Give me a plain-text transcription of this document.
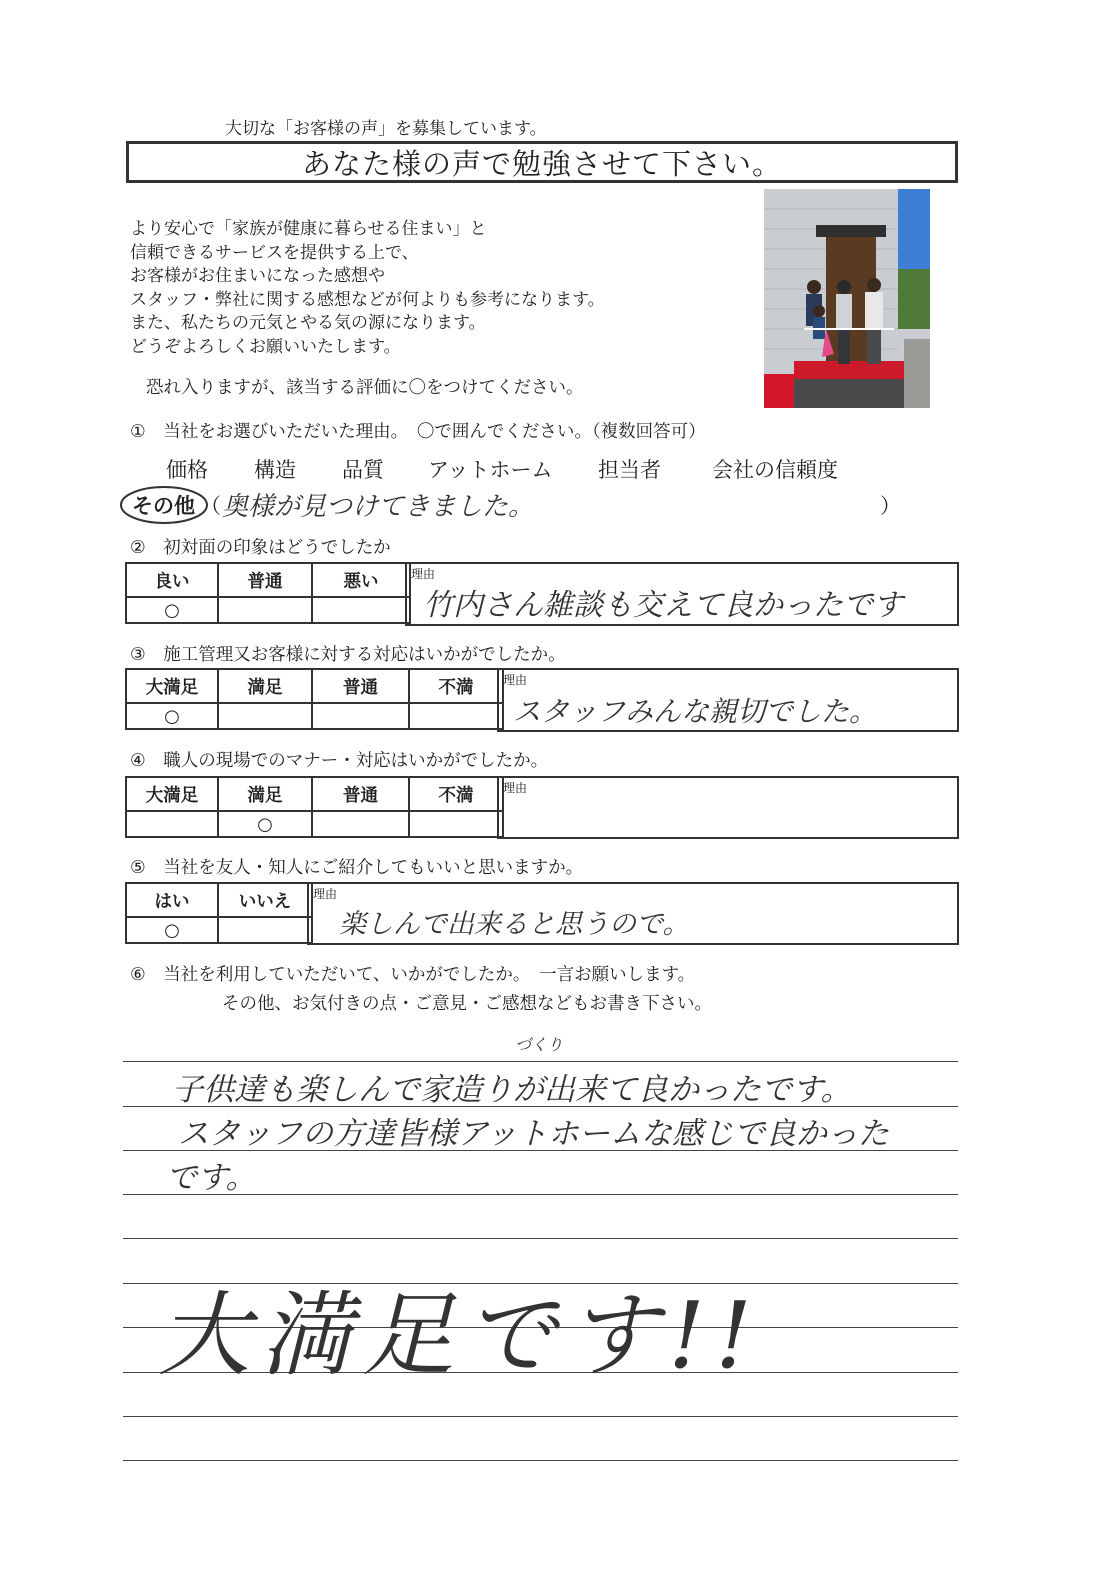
大切な「お客様の声」を募集しています。
あなた様の声で勉強させて下さい。
より安心で「家族が健康に暮らせる住まい」と
信頼できるサービスを提供する上で、
お客様がお住まいになった感想や
スタッフ・弊社に関する感想などが何よりも参考になります。
また、私たちの元気とやる気の源になります。
どうぞよろしくお願いいたします。
恐れ入りますが、該当する評価に〇をつけてください。
①　当社をお選びいただいた理由。　〇で囲んでください。（複数回答可）
価格	構造	品質	アットホーム	担当者	会社の信頼度
その他 （ 奥様が見つけてきました。	）
②　初対面の印象はどうでしたか
良い	普通	悪い
○		
理由
竹内さん雑談も交えて良かったです
③　施工管理又お客様に対する対応はいかがでしたか。
大満足	満足	普通	不満
○			
理由
スタッフみんな親切でした。
④　職人の現場でのマナー・対応はいかがでしたか。
大満足	満足	普通	不満
	○		
理由
⑤　当社を友人・知人にご紹介してもいいと思いますか。
はい	いいえ
○	
理由
楽しんで出来ると思うので。
⑥　当社を利用していただいて、いかがでしたか。　一言お願いします。
その他、お気付きの点・ご意見・ご感想などもお書き下さい。
づくり
子供達も楽しんで家造りが出来て良かったです。
スタッフの方達皆様アットホームな感じで良かった
です。
大満足です!!
